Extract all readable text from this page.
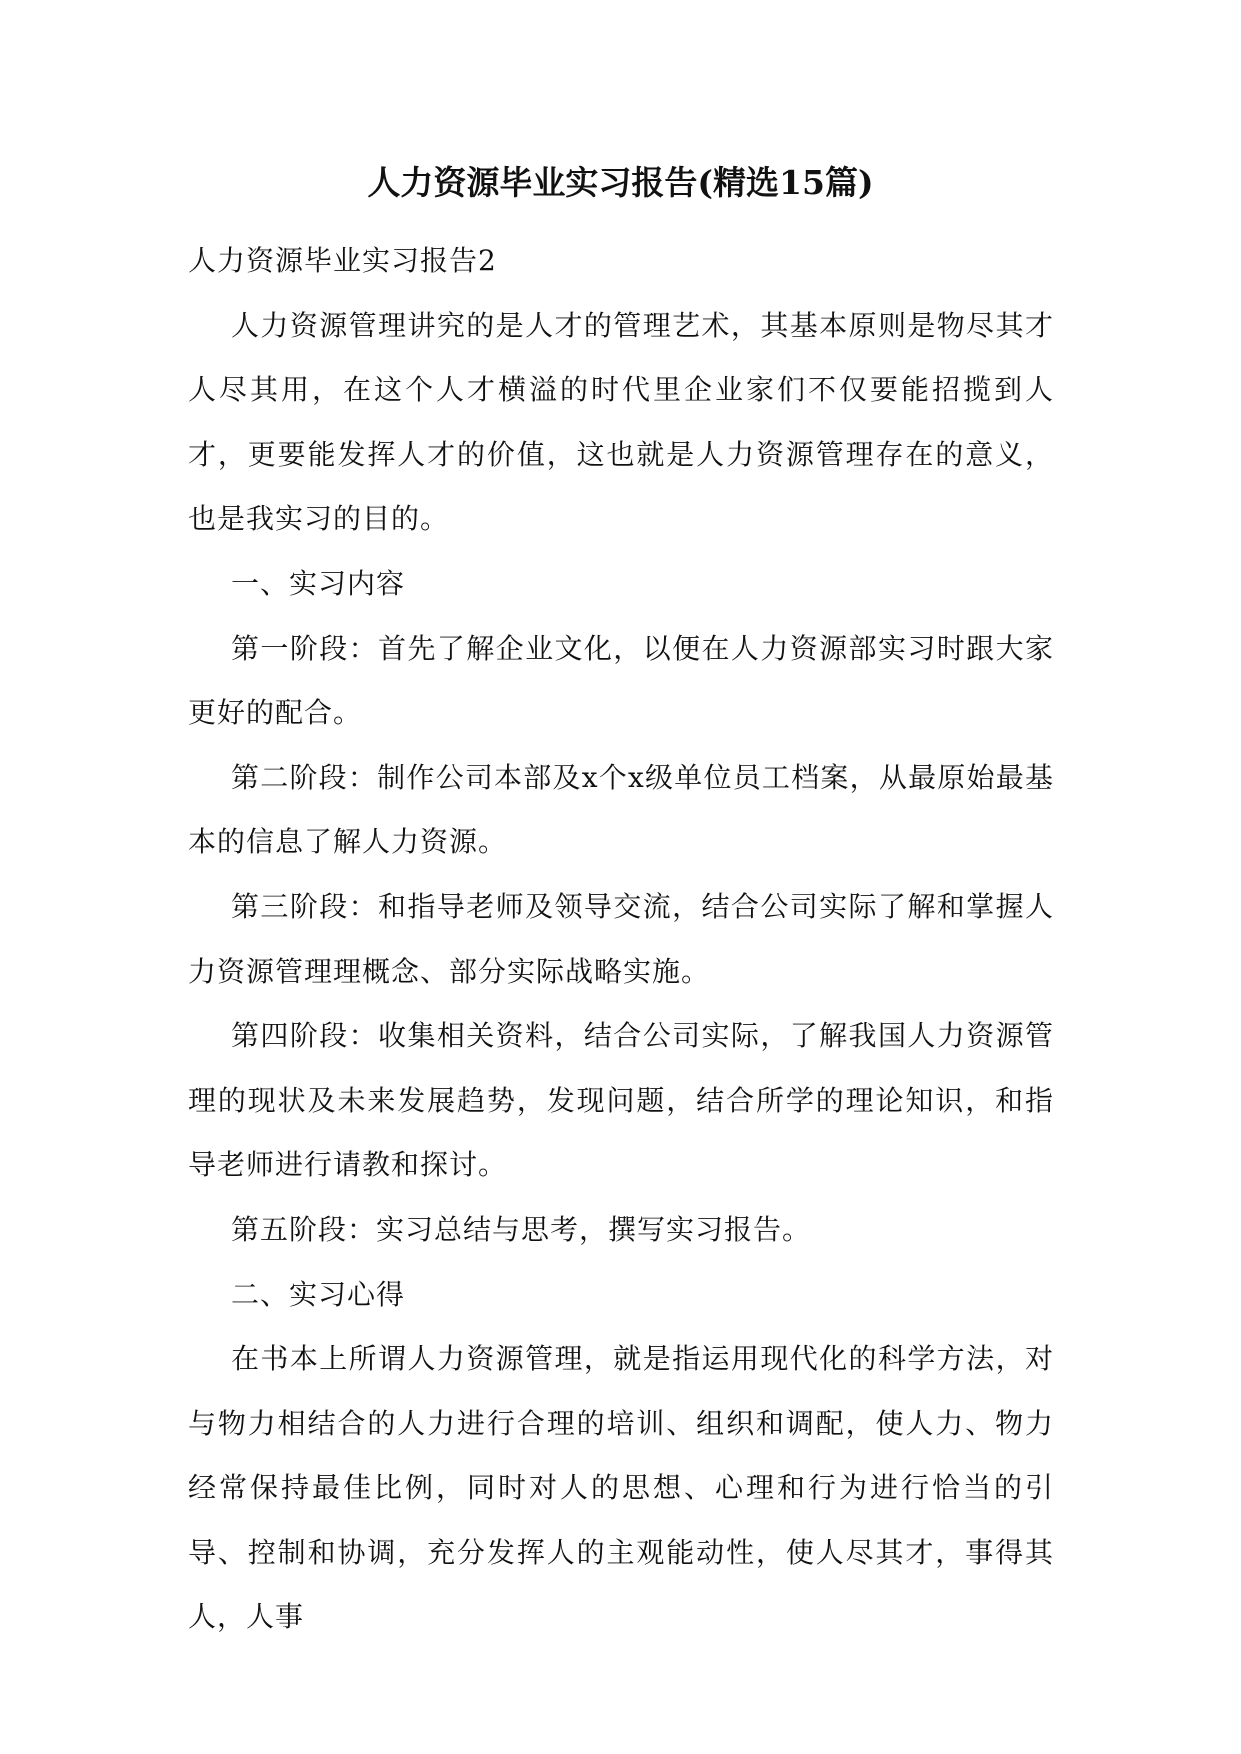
人力资源毕业实习报告(精选15篇)

人力资源毕业实习报告2

人力资源管理讲究的是人才的管理艺术，其基本原则是物尽其才人尽其用，在这个人才横溢的时代里企业家们不仅要能招揽到人才，更要能发挥人才的价值，这也就是人力资源管理存在的意义，也是我实习的目的。

一、实习内容

第一阶段：首先了解企业文化，以便在人力资源部实习时跟大家更好的配合。

第二阶段：制作公司本部及x个x级单位员工档案，从最原始最基本的信息了解人力资源。

第三阶段：和指导老师及领导交流，结合公司实际了解和掌握人力资源管理理概念、部分实际战略实施。

第四阶段：收集相关资料，结合公司实际，了解我国人力资源管理的现状及未来发展趋势，发现问题，结合所学的理论知识，和指导老师进行请教和探讨。

第五阶段：实习总结与思考，撰写实习报告。

二、实习心得

在书本上所谓人力资源管理，就是指运用现代化的科学方法，对与物力相结合的人力进行合理的培训、组织和调配，使人力、物力经常保持最佳比例，同时对人的思想、心理和行为进行恰当的引导、控制和协调，充分发挥人的主观能动性，使人尽其才，事得其人，人事
